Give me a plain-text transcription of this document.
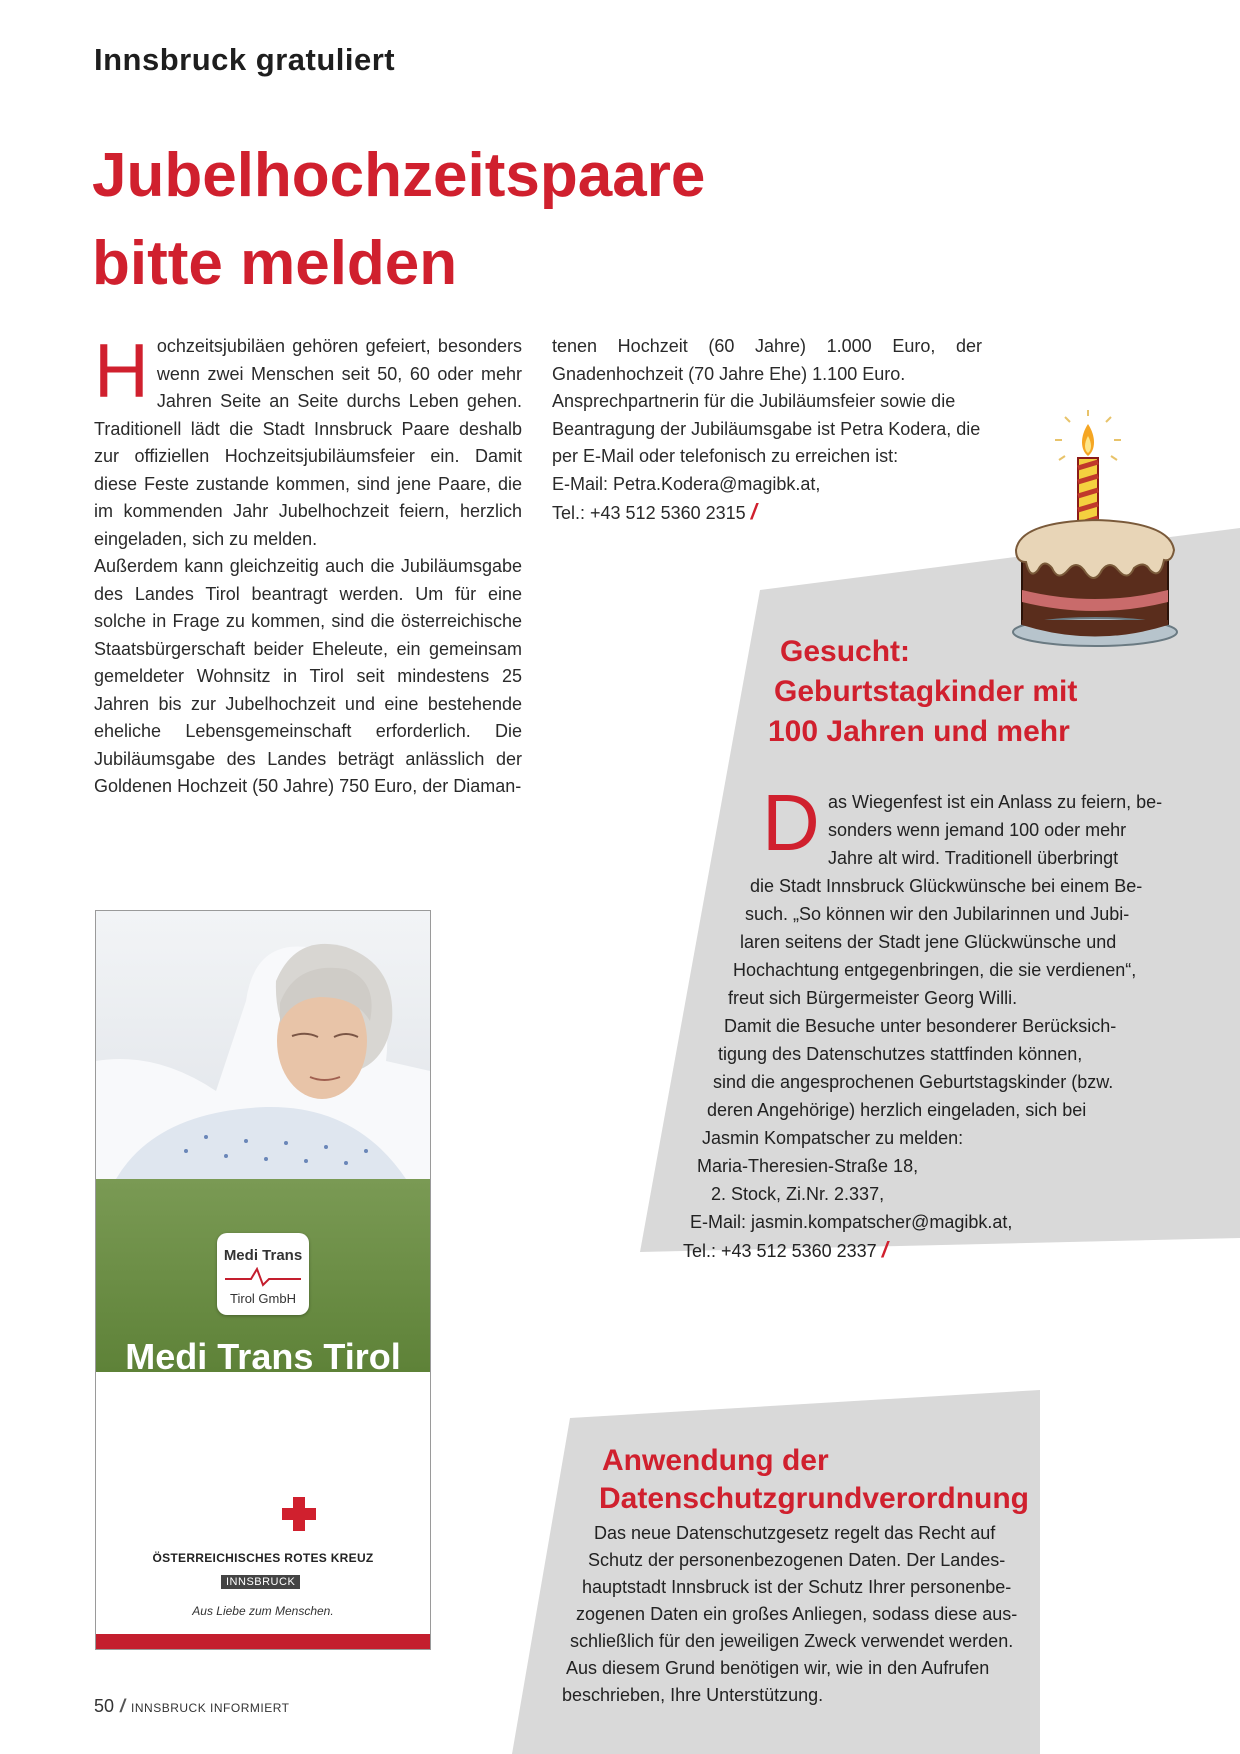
Innsbruck gratuliert
Jubelhochzeitspaare
bitte melden
H ochzeitsjubiläen gehören gefeiert, besonders wenn zwei Menschen seit 50, 60 oder mehr Jahren Seite an Seite durchs Leben gehen. Traditionell lädt die Stadt Innsbruck Paare deshalb zur offiziellen Hochzeitsjubiläumsfeier ein. Damit diese Feste zustande kommen, sind jene Paare, die im kommenden Jahr Jubelhochzeit feiern, herzlich eingeladen, sich zu melden.
Außerdem kann gleichzeitig auch die Jubiläumsgabe des Landes Tirol beantragt werden. Um für eine solche in Frage zu kommen, sind die österreichische Staatsbürgerschaft beider Eheleute, ein gemeinsam gemeldeter Wohnsitz in Tirol seit mindestens 25 Jahren bis zur Jubelhochzeit und eine bestehende eheliche Lebensgemeinschaft erforderlich. Die Jubiläumsgabe des Landes beträgt anlässlich der Goldenen Hochzeit (50 Jahre) 750 Euro, der Diaman-
tenen Hochzeit (60 Jahre) 1.000 Euro, der Gnadenhochzeit (70 Jahre Ehe) 1.100 Euro.
Ansprechpartnerin für die Jubiläumsfeier sowie die Beantragung der Jubiläumsgabe ist Petra Kodera, die per E-Mail oder telefonisch zu erreichen ist:
E-Mail: Petra.Kodera@magibk.at,
Tel.: +43 512 5360 2315 /
Gesucht:
Geburtstagkinder mit
100 Jahren und mehr
D as Wiegenfest ist ein Anlass zu feiern, be-
sonders wenn jemand 100 oder mehr
Jahre alt wird. Traditionell überbringt
die Stadt Innsbruck Glückwünsche bei einem Be-
such. „So können wir den Jubilarinnen und Jubi-
laren seitens der Stadt jene Glückwünsche und
Hochachtung entgegenbringen, die sie verdienen“,
freut sich Bürgermeister Georg Willi.
Damit die Besuche unter besonderer Berücksich-
tigung des Datenschutzes stattfinden können,
sind die angesprochenen Geburtstagskinder (bzw.
deren Angehörige) herzlich eingeladen, sich bei
Jasmin Kompatscher zu melden:
Maria-Theresien-Straße 18,
2. Stock, Zi.Nr. 2.337,
E-Mail: jasmin.kompatscher@magibk.at,
Tel.: +43 512 5360 2337 /
Anwendung der
Datenschutzgrundverordnung
Das neue Datenschutzgesetz regelt das Recht auf
Schutz der personenbezogenen Daten. Der Landes-
hauptstadt Innsbruck ist der Schutz Ihrer personenbe-
zogenen Daten ein großes Anliegen, sodass diese aus-
schließlich für den jeweiligen Zweck verwendet werden.
Aus diesem Grund benötigen wir, wie in den Aufrufen
beschrieben, Ihre Unterstützung.
Medi Trans
Tirol GmbH
Medi Trans Tirol
Pflegehilfsmittel
Infos: 0810 100 144
ÖSTERREICHISCHES ROTES KREUZ
INNSBRUCK
Aus Liebe zum Menschen.
50 / INNSBRUCK INFORMIERT
